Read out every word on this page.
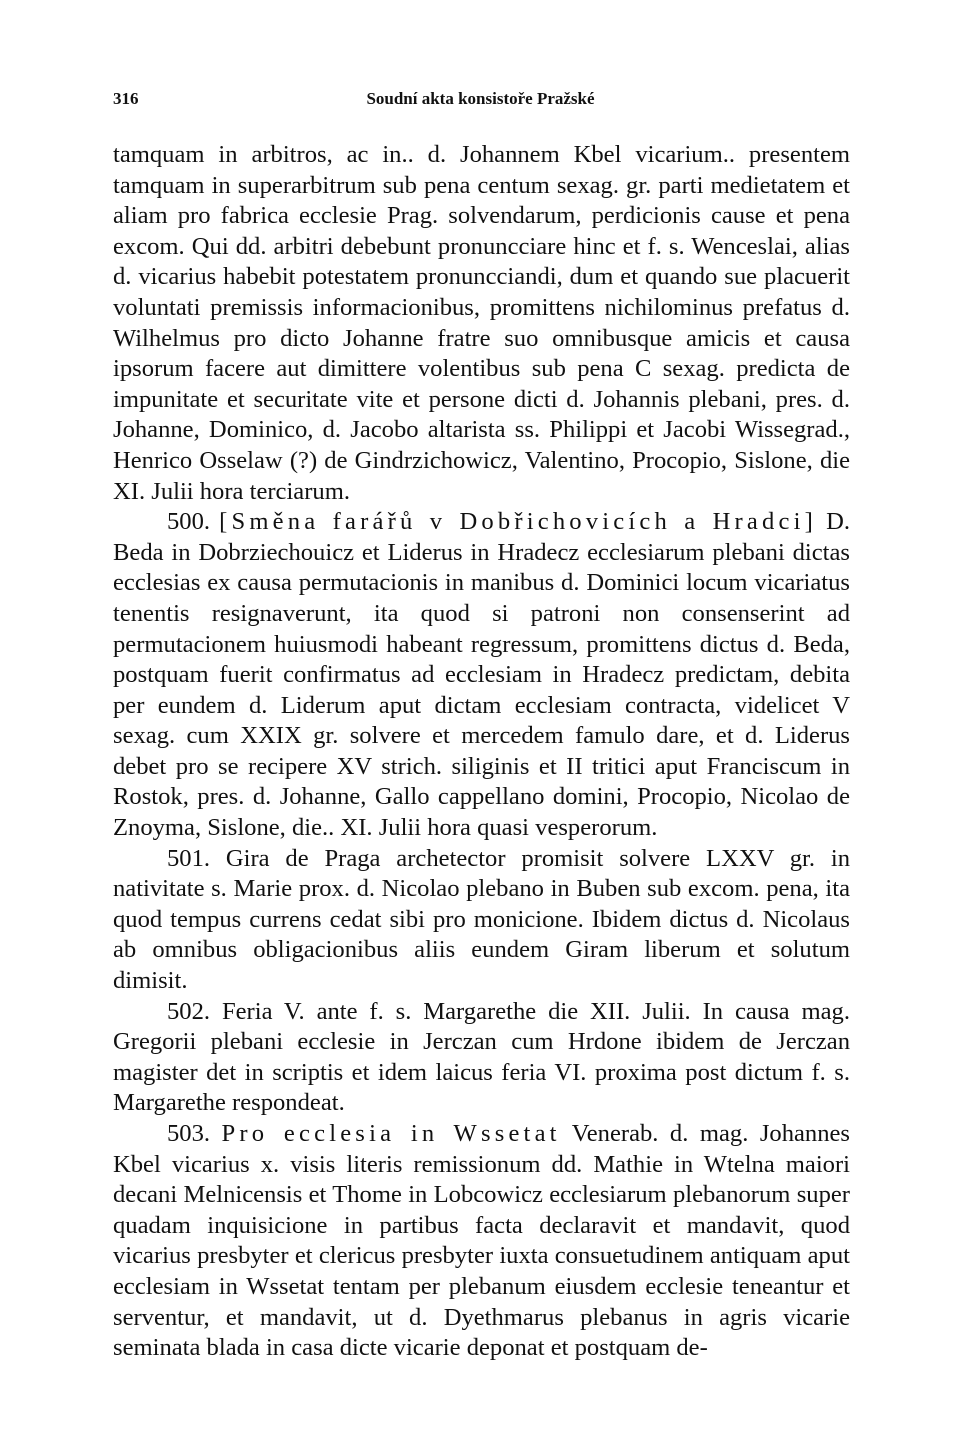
316	Soudní akta konsistoře Pražské

tamquam in arbitros, ac in.. d. Johannem Kbel vicarium.. presentem tamquam in superarbitrum sub pena centum sexag. gr. parti medietatem et aliam pro fabrica ecclesie Prag. solvendarum, perdicionis cause et pena excom. Qui dd. arbitri debebunt pronuncciare hinc et f. s. Wenceslai, alias d. vicarius habebit potestatem pronuncciandi, dum et quando sue placuerit voluntati premissis informacionibus, promittens nichilominus prefatus d. Wilhelmus pro dicto Johanne fratre suo omnibusque amicis et causa ipsorum facere aut dimittere volentibus sub pena C sexag. predicta de impunitate et securitate vite et persone dicti d. Johannis plebani, pres. d. Johanne, Dominico, d. Jacobo altarista ss. Philippi et Jacobi Wissegrad., Henrico Osselaw (?) de Gindrzichowicz, Valentino, Procopio, Sislone, die XI. Julii hora terciarum.

500. [Směna farářů v Dobřichovicích a Hradci] D. Beda in Dobrziechouicz et Liderus in Hradecz ecclesiarum plebani dictas ecclesias ex causa permutacionis in manibus d. Dominici locum vicariatus tenentis resignaverunt, ita quod si patroni non consenserint ad permutacionem huiusmodi habeant regressum, promittens dictus d. Beda, postquam fuerit confirmatus ad ecclesiam in Hradecz predictam, debita per eundem d. Liderum aput dictam ecclesiam contracta, videlicet V sexag. cum XXIX gr. solvere et mercedem famulo dare, et d. Liderus debet pro se recipere XV strich. siliginis et II tritici aput Franciscum in Rostok, pres. d. Johanne, Gallo cappellano domini, Procopio, Nicolao de Znoyma, Sislone, die.. XI. Julii hora quasi vesperorum.

501. Gira de Praga archetector promisit solvere LXXV gr. in nativitate s. Marie prox. d. Nicolao plebano in Buben sub excom. pena, ita quod tempus currens cedat sibi pro monicione. Ibidem dictus d. Nicolaus ab omnibus obligacionibus aliis eundem Giram liberum et solutum dimisit.

502. Feria V. ante f. s. Margarethe die XII. Julii. In causa mag. Gregorii plebani ecclesie in Jerczan cum Hrdone ibidem de Jerczan magister det in scriptis et idem laicus feria VI. proxima post dictum f. s. Margarethe respondeat.

503. Pro ecclesia in Wssetat Venerab. d. mag. Johannes Kbel vicarius x. visis literis remissionum dd. Mathie in Wtelna maiori decani Melnicensis et Thome in Lobcowicz ecclesiarum plebanorum super quadam inquisicione in partibus facta declaravit et mandavit, quod vicarius presbyter et clericus presbyter iuxta consuetudinem antiquam aput ecclesiam in Wssetat tentam per plebanum eiusdem ecclesie teneantur et serventur, et mandavit, ut d. Dyethmarus plebanus in agris vicarie seminata blada in casa dicte vicarie deponat et postquam de-
